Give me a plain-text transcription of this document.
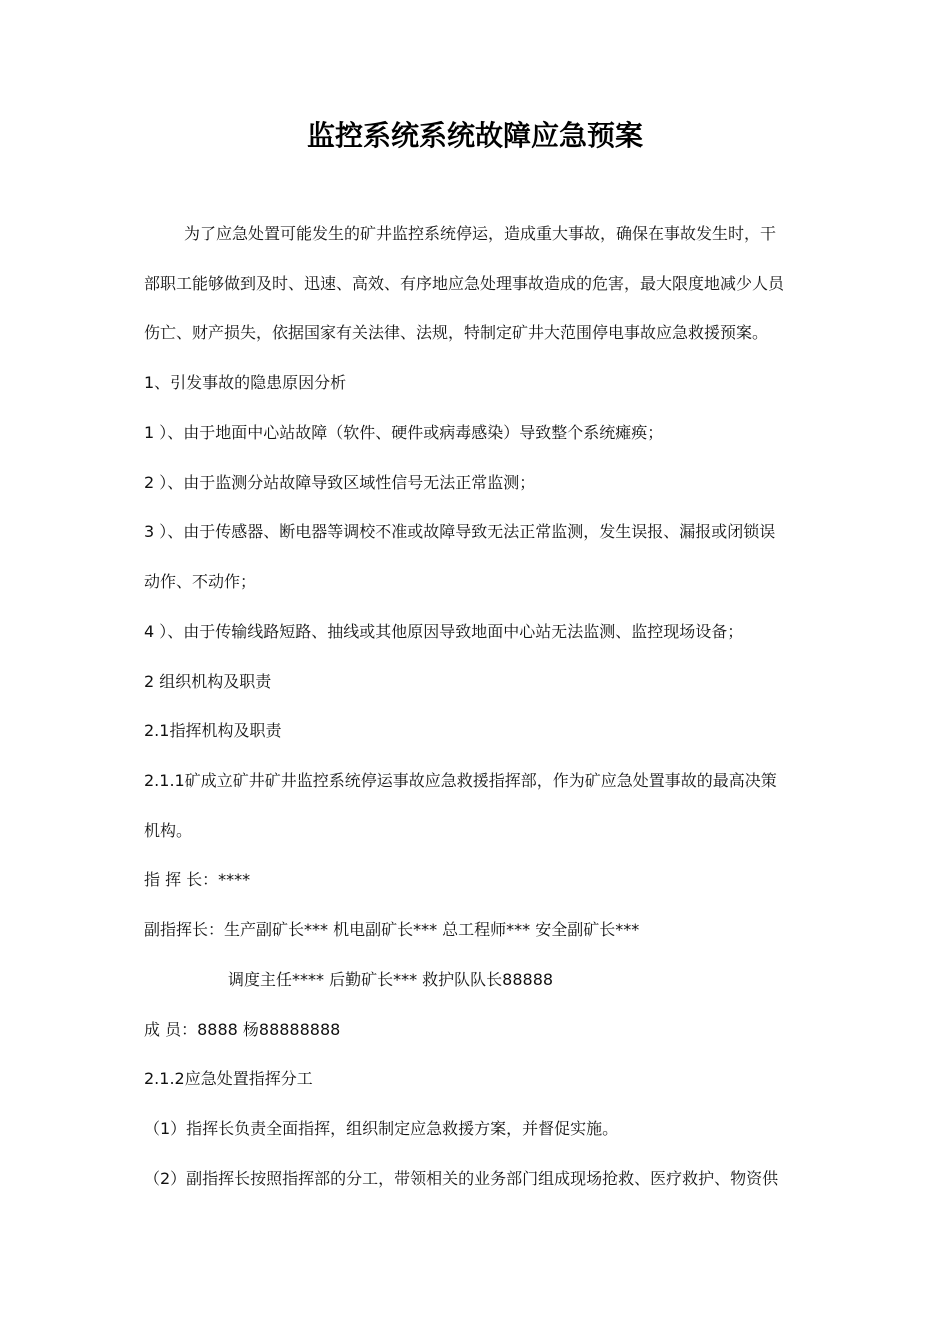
监控系统系统故障应急预案
为了应急处置可能发生的矿井监控系统停运，造成重大事故，确保在事故发生时，干
部职工能够做到及时、迅速、高效、有序地应急处理事故造成的危害，最大限度地减少人员
伤亡、财产损失，依据国家有关法律、法规，特制定矿井大范围停电事故应急救援预案。
1、引发事故的隐患原因分析
1 ）、由于地面中心站故障（软件、硬件或病毒感染）导致整个系统瘫痪；
2 ）、由于监测分站故障导致区域性信号无法正常监测；
3 ）、由于传感器、断电器等调校不准或故障导致无法正常监测，发生误报、漏报或闭锁误
动作、不动作；
4 ）、由于传输线路短路、抽线或其他原因导致地面中心站无法监测、监控现场设备；
2 组织机构及职责
2.1指挥机构及职责
2.1.1矿成立矿井矿井监控系统停运事故应急救援指挥部，作为矿应急处置事故的最高决策
机构。
指 挥 长：****
副指挥长：生产副矿长*** 机电副矿长*** 总工程师*** 安全副矿长***
调度主任**** 后勤矿长*** 救护队队长88888
成 员：8888 杨88888888
2.1.2应急处置指挥分工
（1）指挥长负责全面指挥，组织制定应急救援方案，并督促实施。
（2）副指挥长按照指挥部的分工，带领相关的业务部门组成现场抢救、医疗救护、物资供
